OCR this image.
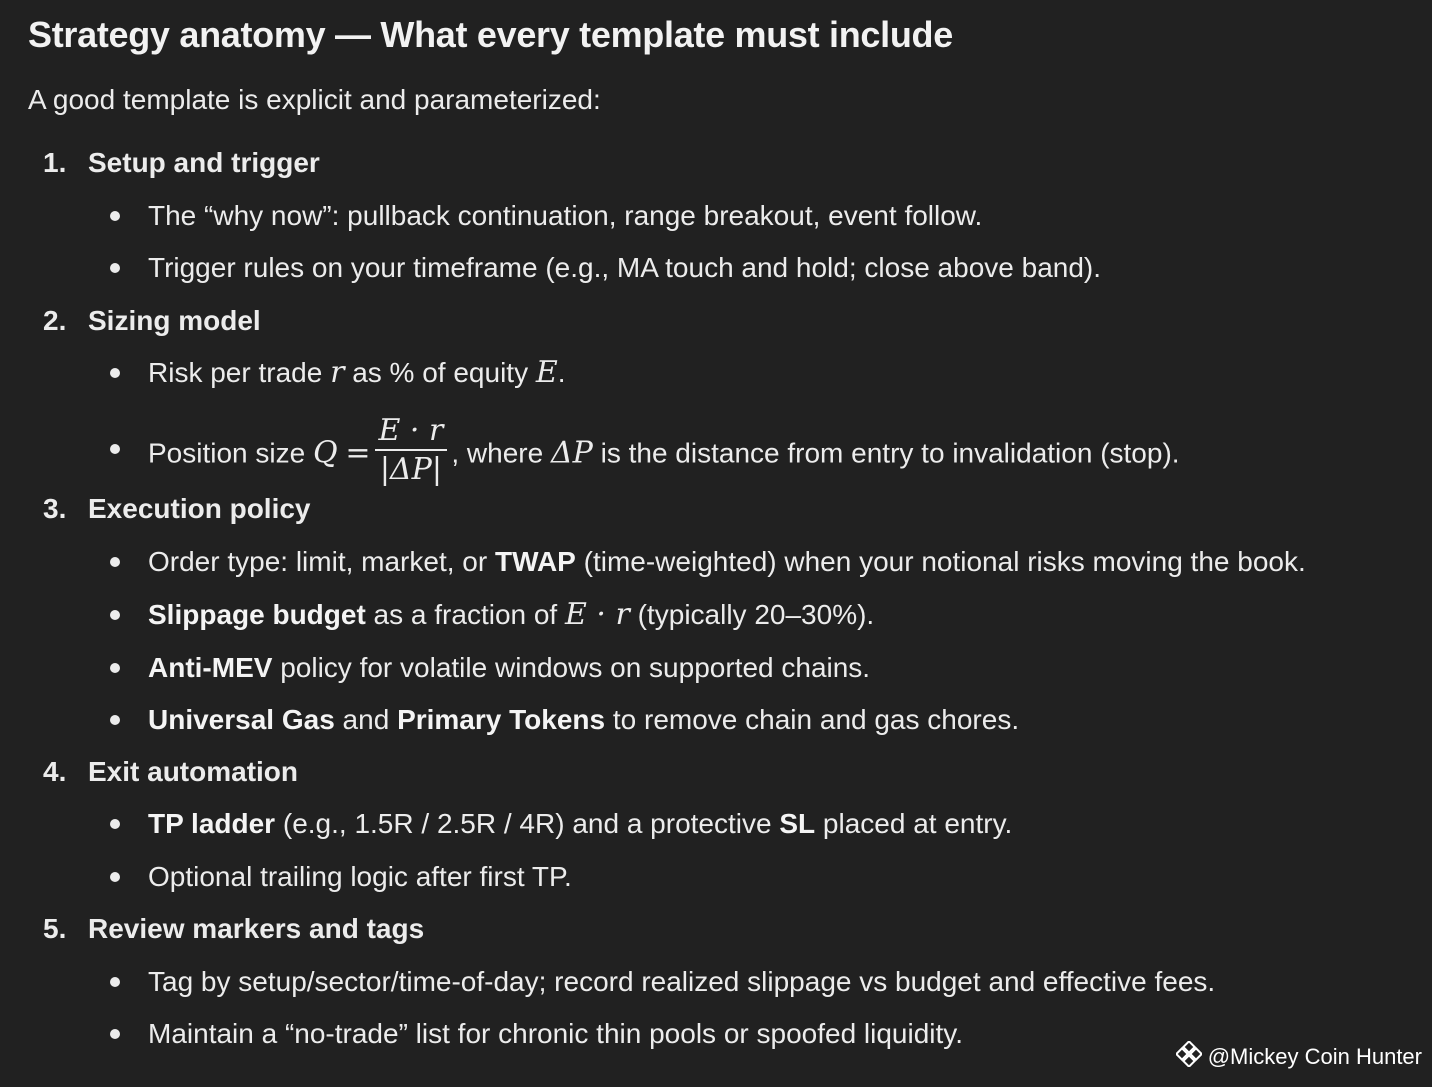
Strategy anatomy — What every template must include
A good template is explicit and parameterized:
1. Setup and trigger
The “why now”: pullback continuation, range breakout, event follow.
Trigger rules on your timeframe (e.g., MA touch and hold; close above band).
2. Sizing model
Risk per trade r as % of equity E.
Position size $Q = \frac{E \cdot r}{|\Delta P|}$ , where ΔP is the distance from entry to invalidation (stop).
3. Execution policy
Order type: limit, market, or TWAP (time-weighted) when your notional risks moving the book.
Slippage budget as a fraction of E · r (typically 20–30%).
Anti-MEV policy for volatile windows on supported chains.
Universal Gas and Primary Tokens to remove chain and gas chores.
4. Exit automation
TP ladder (e.g., 1.5R / 2.5R / 4R) and a protective SL placed at entry.
Optional trailing logic after first TP.
5. Review markers and tags
Tag by setup/sector/time-of-day; record realized slippage vs budget and effective fees.
Maintain a “no-trade” list for chronic thin pools or spoofed liquidity.
@Mickey Coin Hunter
